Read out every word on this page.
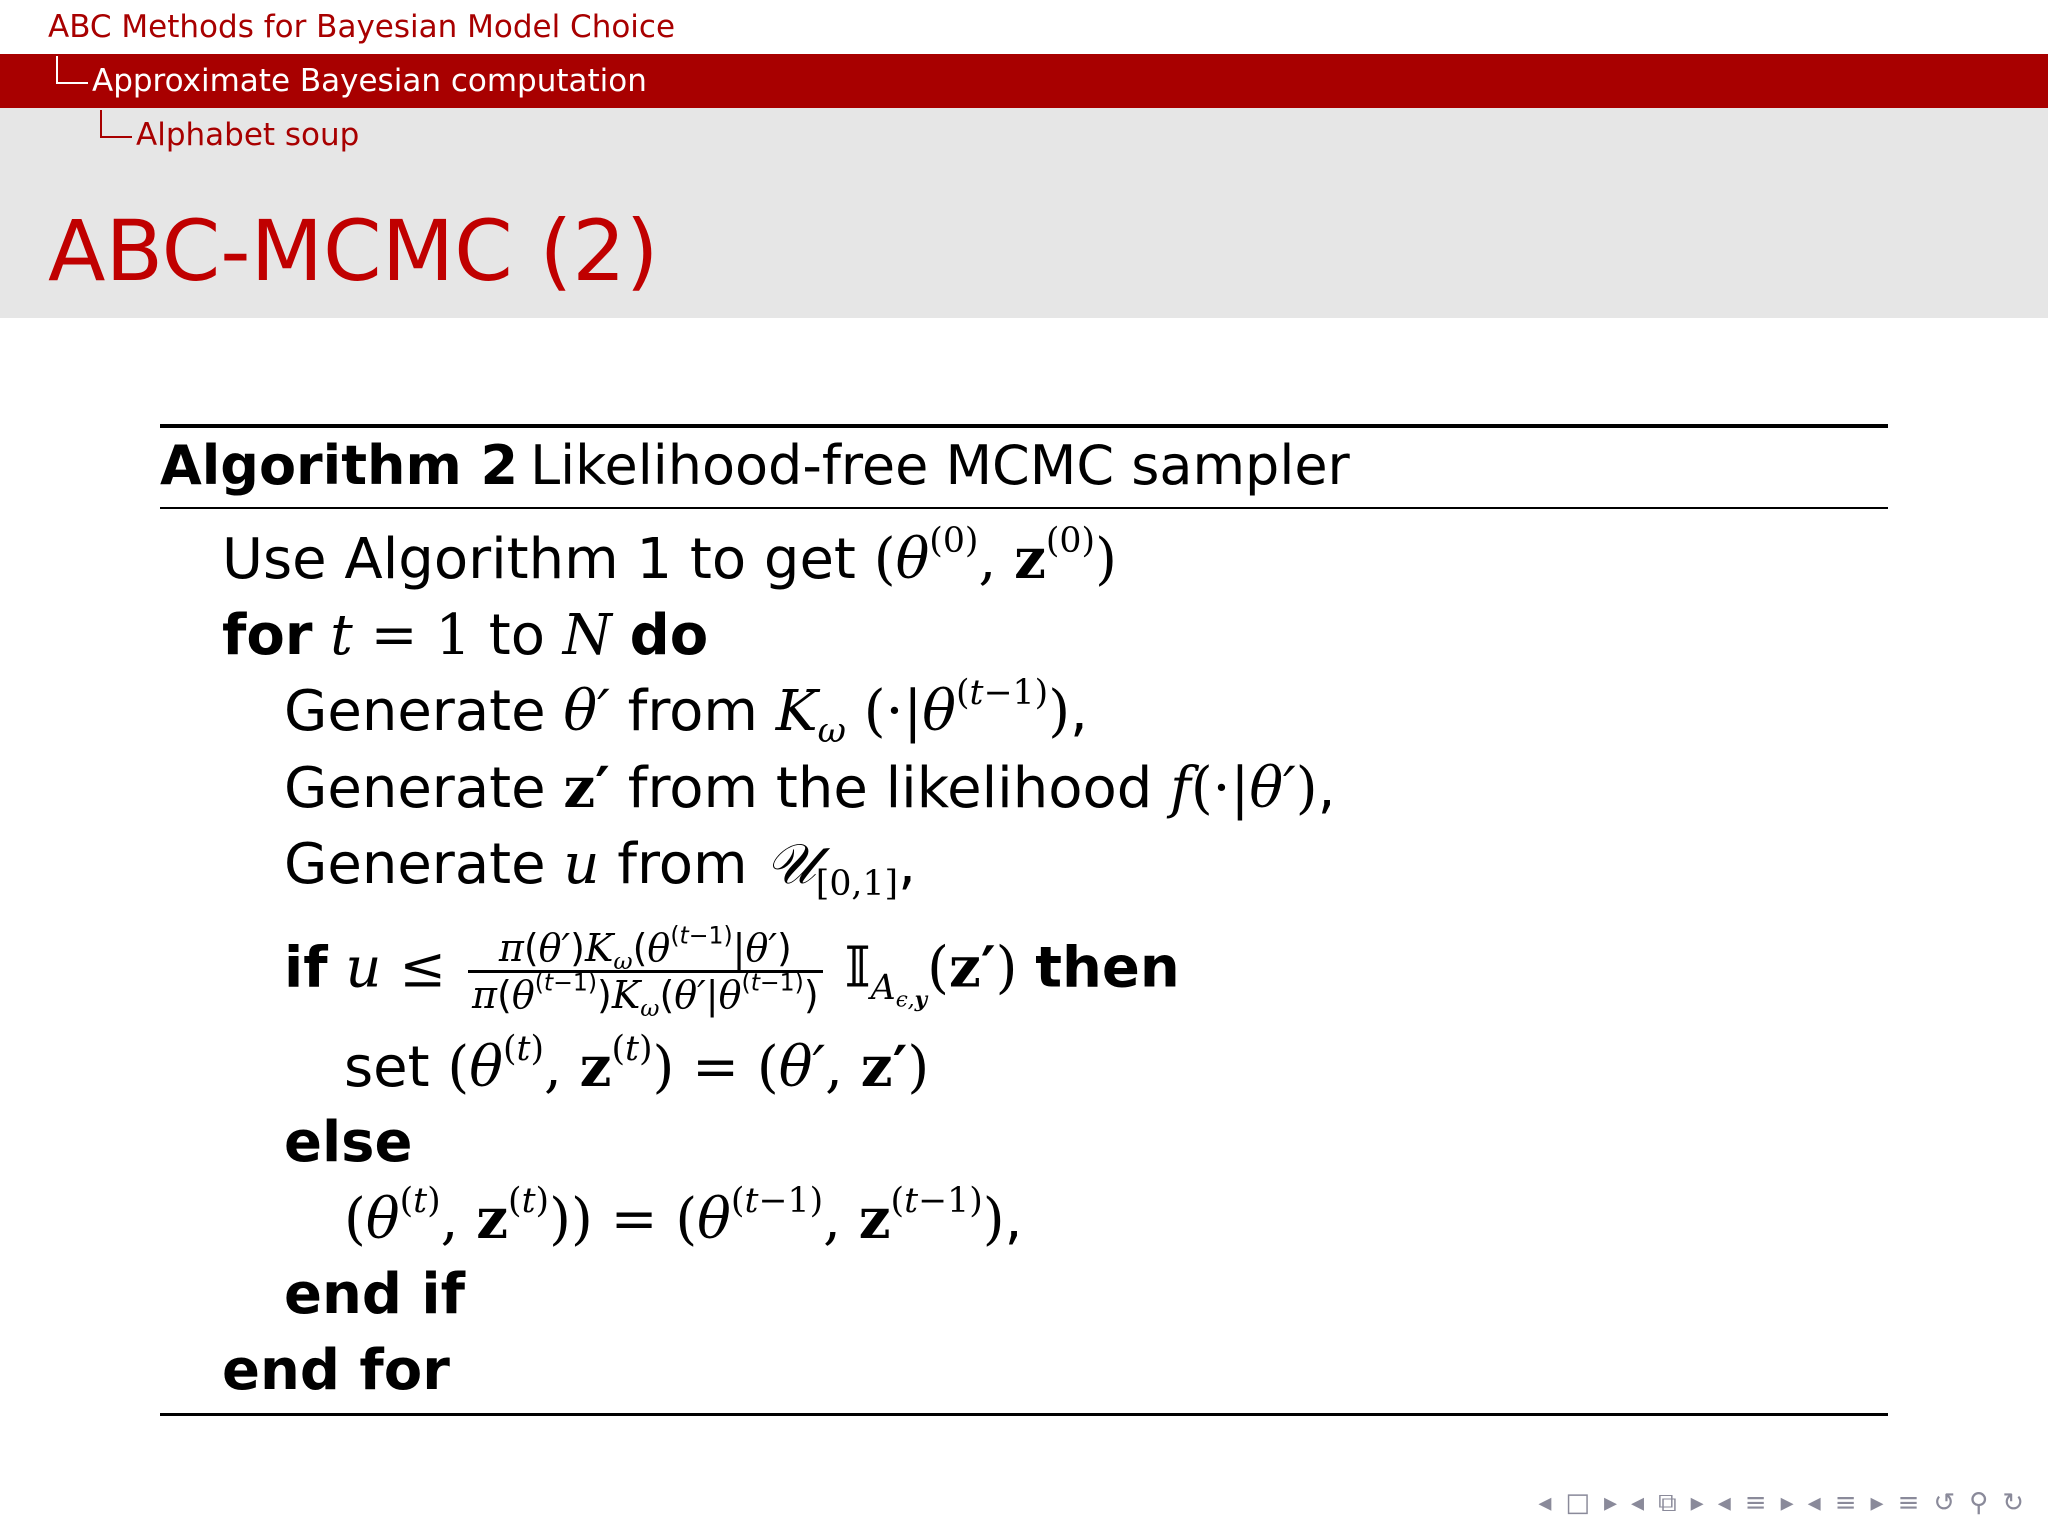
ABC Methods for Bayesian Model Choice
Approximate Bayesian computation
Alphabet soup
ABC-MCMC (2)
Algorithm 2 Likelihood-free MCMC sampler
Use Algorithm 1 to get ($\theta^{(0)}$, $z^{(0)}$)
for t = 1 to N do
Generate θ′ from $K_\omega$ $(\cdot|\theta^{(t-1)})$,
Generate z′ from the likelihood f(·|θ′),
Generate u from 𝒰$_{[0,1]}$,
if $u \le \frac{\pi(\theta')K_\omega(\theta^{(t-1)}|\theta')}{\pi(\theta^{(t-1)})K_\omega(\theta'|\theta^{(t-1)})}$ 𝕀$_{A_{\epsilon,y}}$(z′) then
set ($\theta^{(t)}$, $z^{(t)}) = (\theta'$, z′)
else
($\theta^{(t)}$, $z^{(t)})) = (\theta^{(t-1)}$, $z^{(t-1)}$),
end if
end for
◂ □ ▸ ◂ ⧉ ▸ ◂ ≡ ▸ ◂ ≡ ▸ ≡ ↺ ⚲ ↻
